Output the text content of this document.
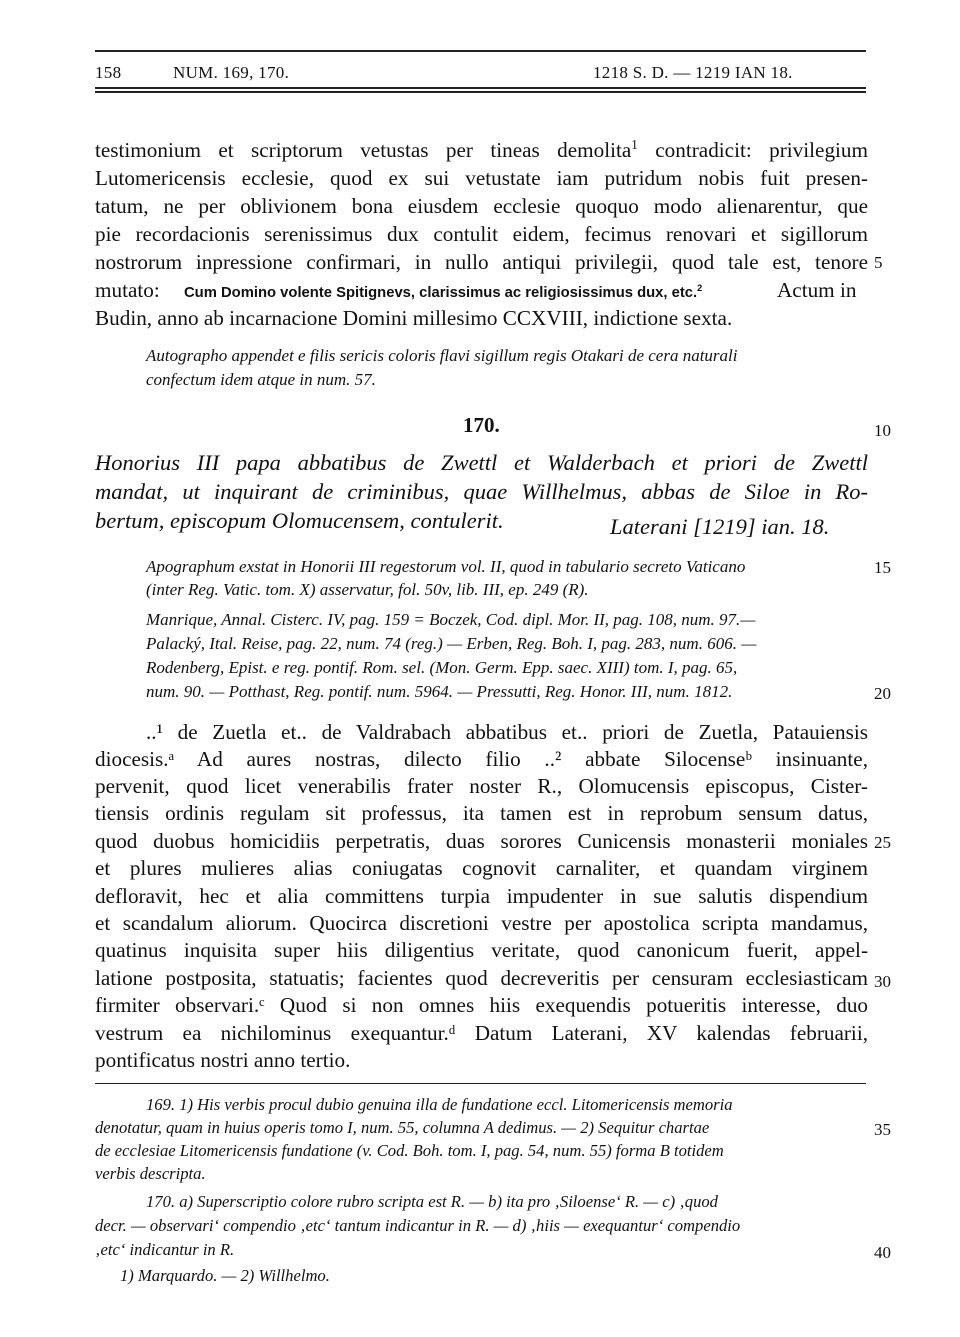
158	NUM. 169, 170.	1218 S. D. — 1219 IAN 18.
testimonium et scriptorum vetustas per tineas demolita$^1$ contradicit: privilegium
Lutomericensis ecclesie, quod ex sui vetustate iam putridum nobis fuit presen-
tatum, ne per oblivionem bona eiusdem ecclesie quoquo modo alienarentur, que
pie recordacionis serenissimus dux contulit eidem, fecimus renovari et sigillorum
nostrorum inpressione confirmari, in nullo antiqui privilegii, quod tale est, tenore
mutato: Cum Domino volente Spitignevs, clarissimus ac religiosissimus dux, etc.$^2$	Actum in
Budin, anno ab incarnacione Domini millesimo CCXVIII, indictione sexta.
Autographo appendet e filis sericis coloris flavi sigillum regis Otakari de cera naturali
confectum idem atque in num. 57.
170.
Honorius III papa abbatibus de Zwettl et Walderbach et priori de Zwettl
mandat, ut inquirant de criminibus, quae Willhelmus, abbas de Siloe in Ro-
bertum, episcopum Olomucensem, contulerit.	Laterani [1219] ian. 18.
Apographum exstat in Honorii III regestorum vol. II, quod in tabulario secreto Vaticano
(inter Reg. Vatic. tom. X) asservatur, fol. 50v, lib. III, ep. 249 (R).
Manrique, Annal. Cisterc. IV, pag. 159 = Boczek, Cod. dipl. Mor. II, pag. 108, num. 97.—
Palacký, Ital. Reise, pag. 22, num. 74 (reg.) — Erben, Reg. Boh. I, pag. 283, num. 606. —
Rodenberg, Epist. e reg. pontif. Rom. sel. (Mon. Germ. Epp. saec. XIII) tom. I, pag. 65,
num. 90. — Potthast, Reg. pontif. num. 5964. — Pressutti, Reg. Honor. III, num. 1812.
..¹ de Zuetla et.. de Valdrabach abbatibus et.. priori de Zuetla, Patauiensis
diocesis.ᵃ Ad aures nostras, dilecto filio ..² abbate Silocenseᵇ insinuante,
pervenit, quod licet venerabilis frater noster R., Olomucensis episcopus, Cister-
tiensis ordinis regulam sit professus, ita tamen est in reprobum sensum datus,
quod duobus homicidiis perpetratis, duas sorores Cunicensis monasterii moniales
et plures mulieres alias coniugatas cognovit carnaliter, et quandam virginem
defloravit, hec et alia committens turpia impudenter in sue salutis dispendium
et scandalum aliorum. Quocirca discretioni vestre per apostolica scripta mandamus,
quatinus inquisita super hiis diligentius veritate, quod canonicum fuerit, appel-
latione postposita, statuatis; facientes quod decreveritis per censuram ecclesiasticam
firmiter observari.ᶜ Quod si non omnes hiis exequendis potueritis interesse, duo
vestrum ea nichilominus exequantur.ᵈ Datum Laterani, XV kalendas februarii,
pontificatus nostri anno tertio.
169. 1) His verbis procul dubio genuina illa de fundatione eccl. Litomericensis memoria
denotatur, quam in huius operis tomo I, num. 55, columna A dedimus. — 2) Sequitur chartae
de ecclesiae Litomericensis fundatione (v. Cod. Boh. tom. I, pag. 54, num. 55) forma B totidem
verbis descripta.
170. a) Superscriptio colore rubro scripta est R. — b) ita pro ‚Siloense‘ R. — c) ‚quod
decr. — observari‘ compendio ‚etc‘ tantum indicantur in R. — d) ‚hiis — exequantur‘ compendio
‚etc‘ indicantur in R.
1) Marquardo. — 2) Willhelmo.
5
10
15
20
25
30
35
40
